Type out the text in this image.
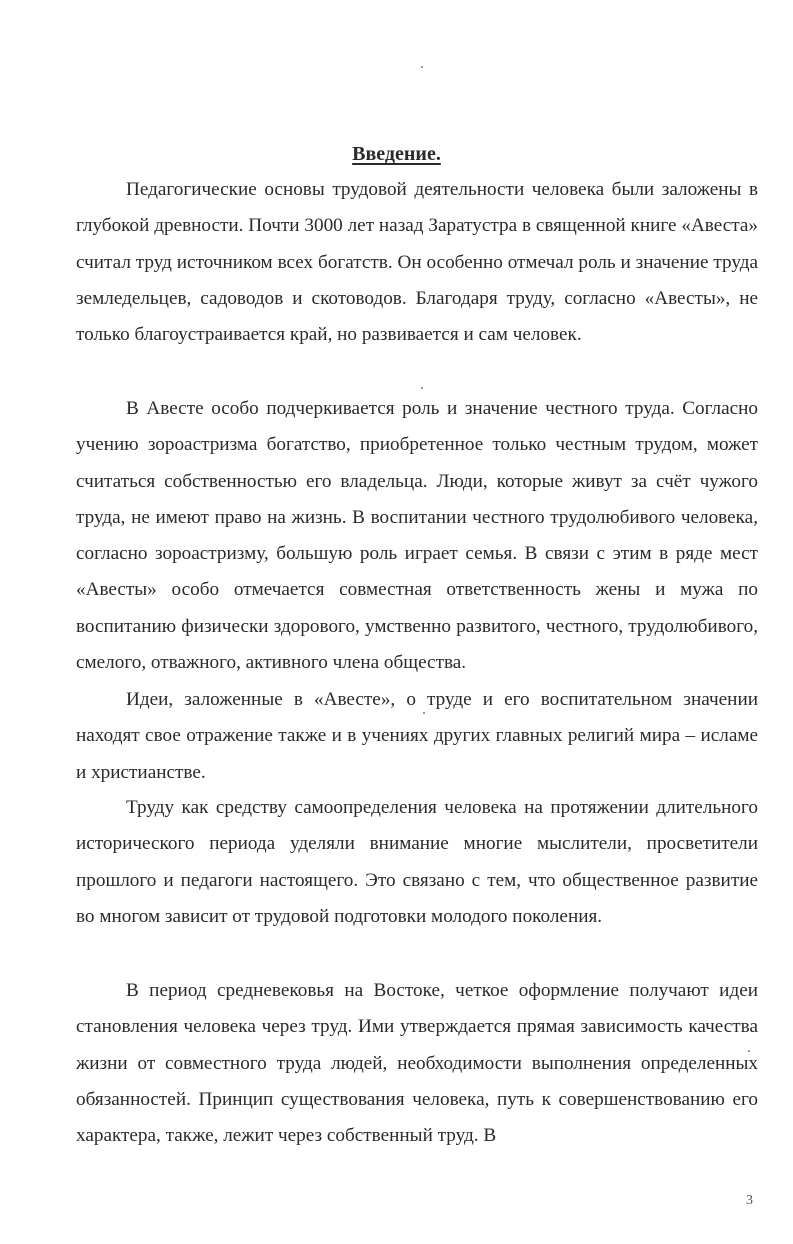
Введение.

Педагогические основы трудовой деятельности человека были заложены в глубокой древности. Почти 3000 лет назад Заратустра в священной книге «Авеста» считал труд источником всех богатств. Он особенно отмечал роль и значение труда земледельцев, садоводов и скотоводов. Благодаря труду, согласно «Авесты», не только благоустраивается край, но развивается и сам человек.

В Авесте особо подчеркивается роль и значение честного труда. Согласно учению зороастризма богатство, приобретенное только честным трудом, может считаться собственностью его владельца. Люди, которые живут за счёт чужого труда, не имеют право на жизнь. В воспитании честного трудолюбивого человека, согласно зороастризму, большую роль играет семья. В связи с этим в ряде мест «Авесты» особо отмечается совместная ответственность жены и мужа по воспитанию физически здорового, умственно развитого, честного, трудолюбивого, смелого, отважного, активного члена общества.

Идеи, заложенные в «Авесте», о труде и его воспитательном значении находят свое отражение также и в учениях других главных религий мира – исламе и христианстве.

Труду как средству самоопределения человека на протяжении длительного исторического периода уделяли внимание многие мыслители, просветители прошлого и педагоги настоящего. Это связано с тем, что общественное развитие во многом зависит от трудовой подготовки молодого поколения.

В период средневековья на Востоке, четкое оформление получают идеи становления человека через труд. Ими утверждается прямая зависимость качества жизни от совместного труда людей, необходимости выполнения определенных обязанностей. Принцип существования человека, путь к совершенствованию его характера, также, лежит через собственный труд. В

3
